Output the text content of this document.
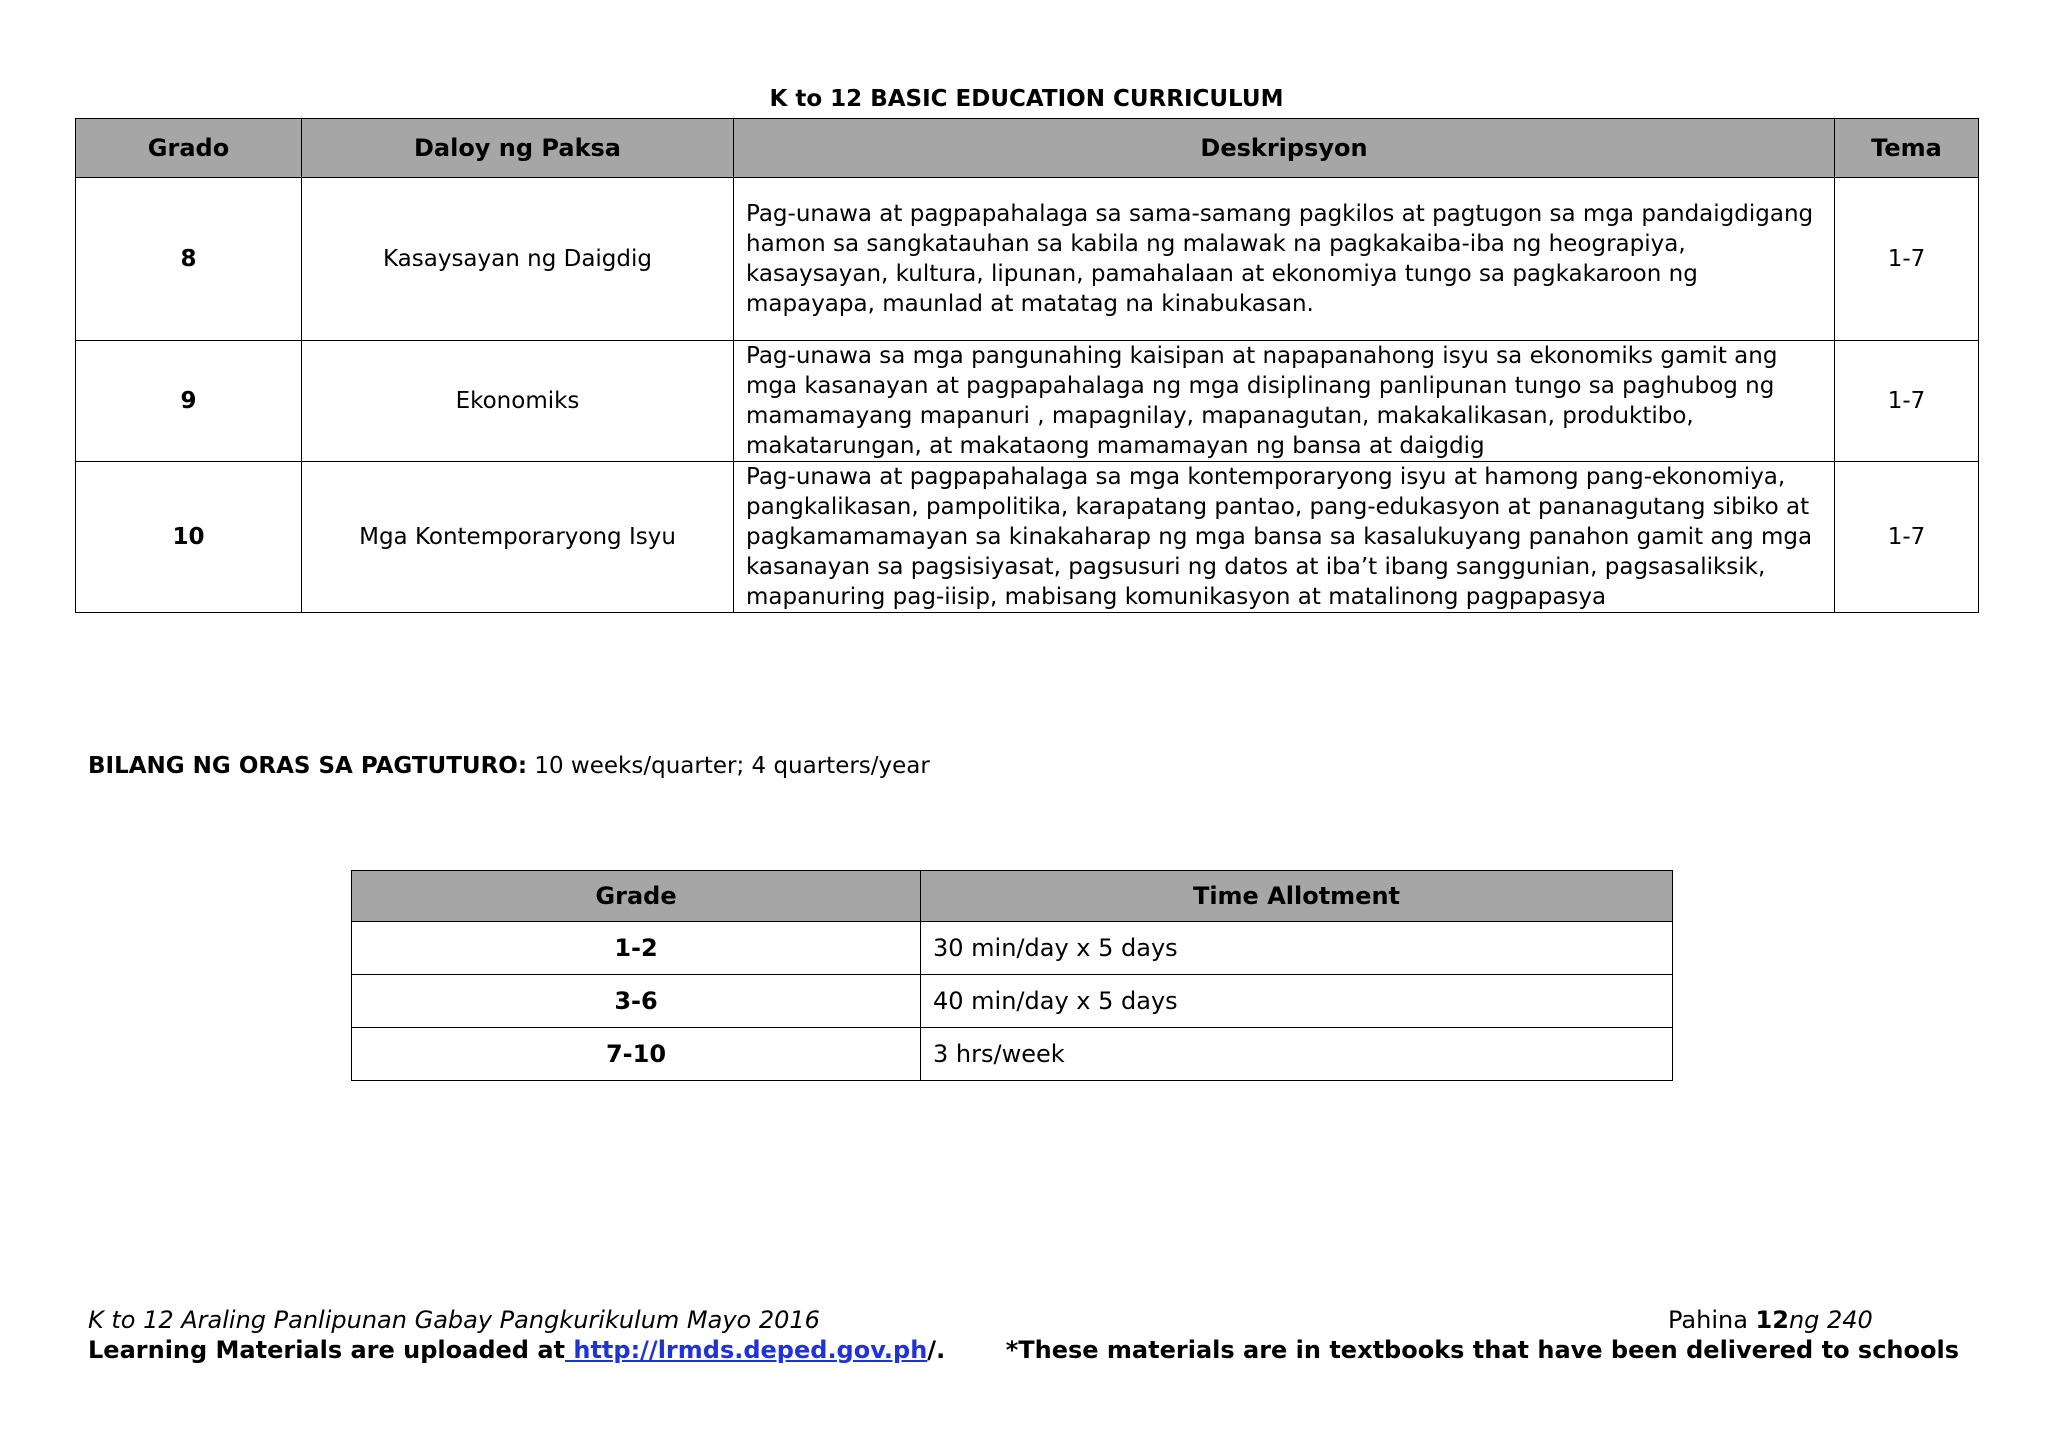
K to 12 BASIC EDUCATION CURRICULUM
Grado	Daloy ng Paksa	Deskripsyon	Tema
8	Kasaysayan ng Daigdig	Pag-unawa at pagpapahalaga sa sama-samang pagkilos at pagtugon sa mga pandaigdigang hamon sa sangkatauhan sa kabila ng malawak na pagkakaiba-iba ng heograpiya, kasaysayan, kultura, lipunan, pamahalaan at ekonomiya tungo sa pagkakaroon ng mapayapa, maunlad at matatag na kinabukasan.	1-7
9	Ekonomiks	Pag-unawa sa mga pangunahing kaisipan at napapanahong isyu sa ekonomiks gamit ang mga kasanayan at pagpapahalaga ng mga disiplinang panlipunan tungo sa paghubog ng mamamayang mapanuri , mapagnilay, mapanagutan, makakalikasan, produktibo, makatarungan, at makataong mamamayan ng bansa at daigdig	1-7
10	Mga Kontemporaryong Isyu	Pag-unawa at pagpapahalaga sa mga kontemporaryong isyu at hamong pang-ekonomiya, pangkalikasan, pampolitika, karapatang pantao, pang-edukasyon at pananagutang sibiko at pagkamamamayan sa kinakaharap ng mga bansa sa kasalukuyang panahon gamit ang mga kasanayan sa pagsisiyasat, pagsusuri ng datos at iba’t ibang sanggunian, pagsasaliksik, mapanuring pag-iisip, mabisang komunikasyon at matalinong pagpapasya	1-7
BILANG NG ORAS SA PAGTUTURO: 10 weeks/quarter; 4 quarters/year
Grade	Time Allotment
1-2	30 min/day x 5 days
3-6	40 min/day x 5 days
7-10	3 hrs/week
K to 12 Araling Panlipunan Gabay Pangkurikulum Mayo 2016
Learning Materials are uploaded at http://lrmds.deped.gov.ph/.
Pahina 12ng 240
*These materials are in textbooks that have been delivered to schools
